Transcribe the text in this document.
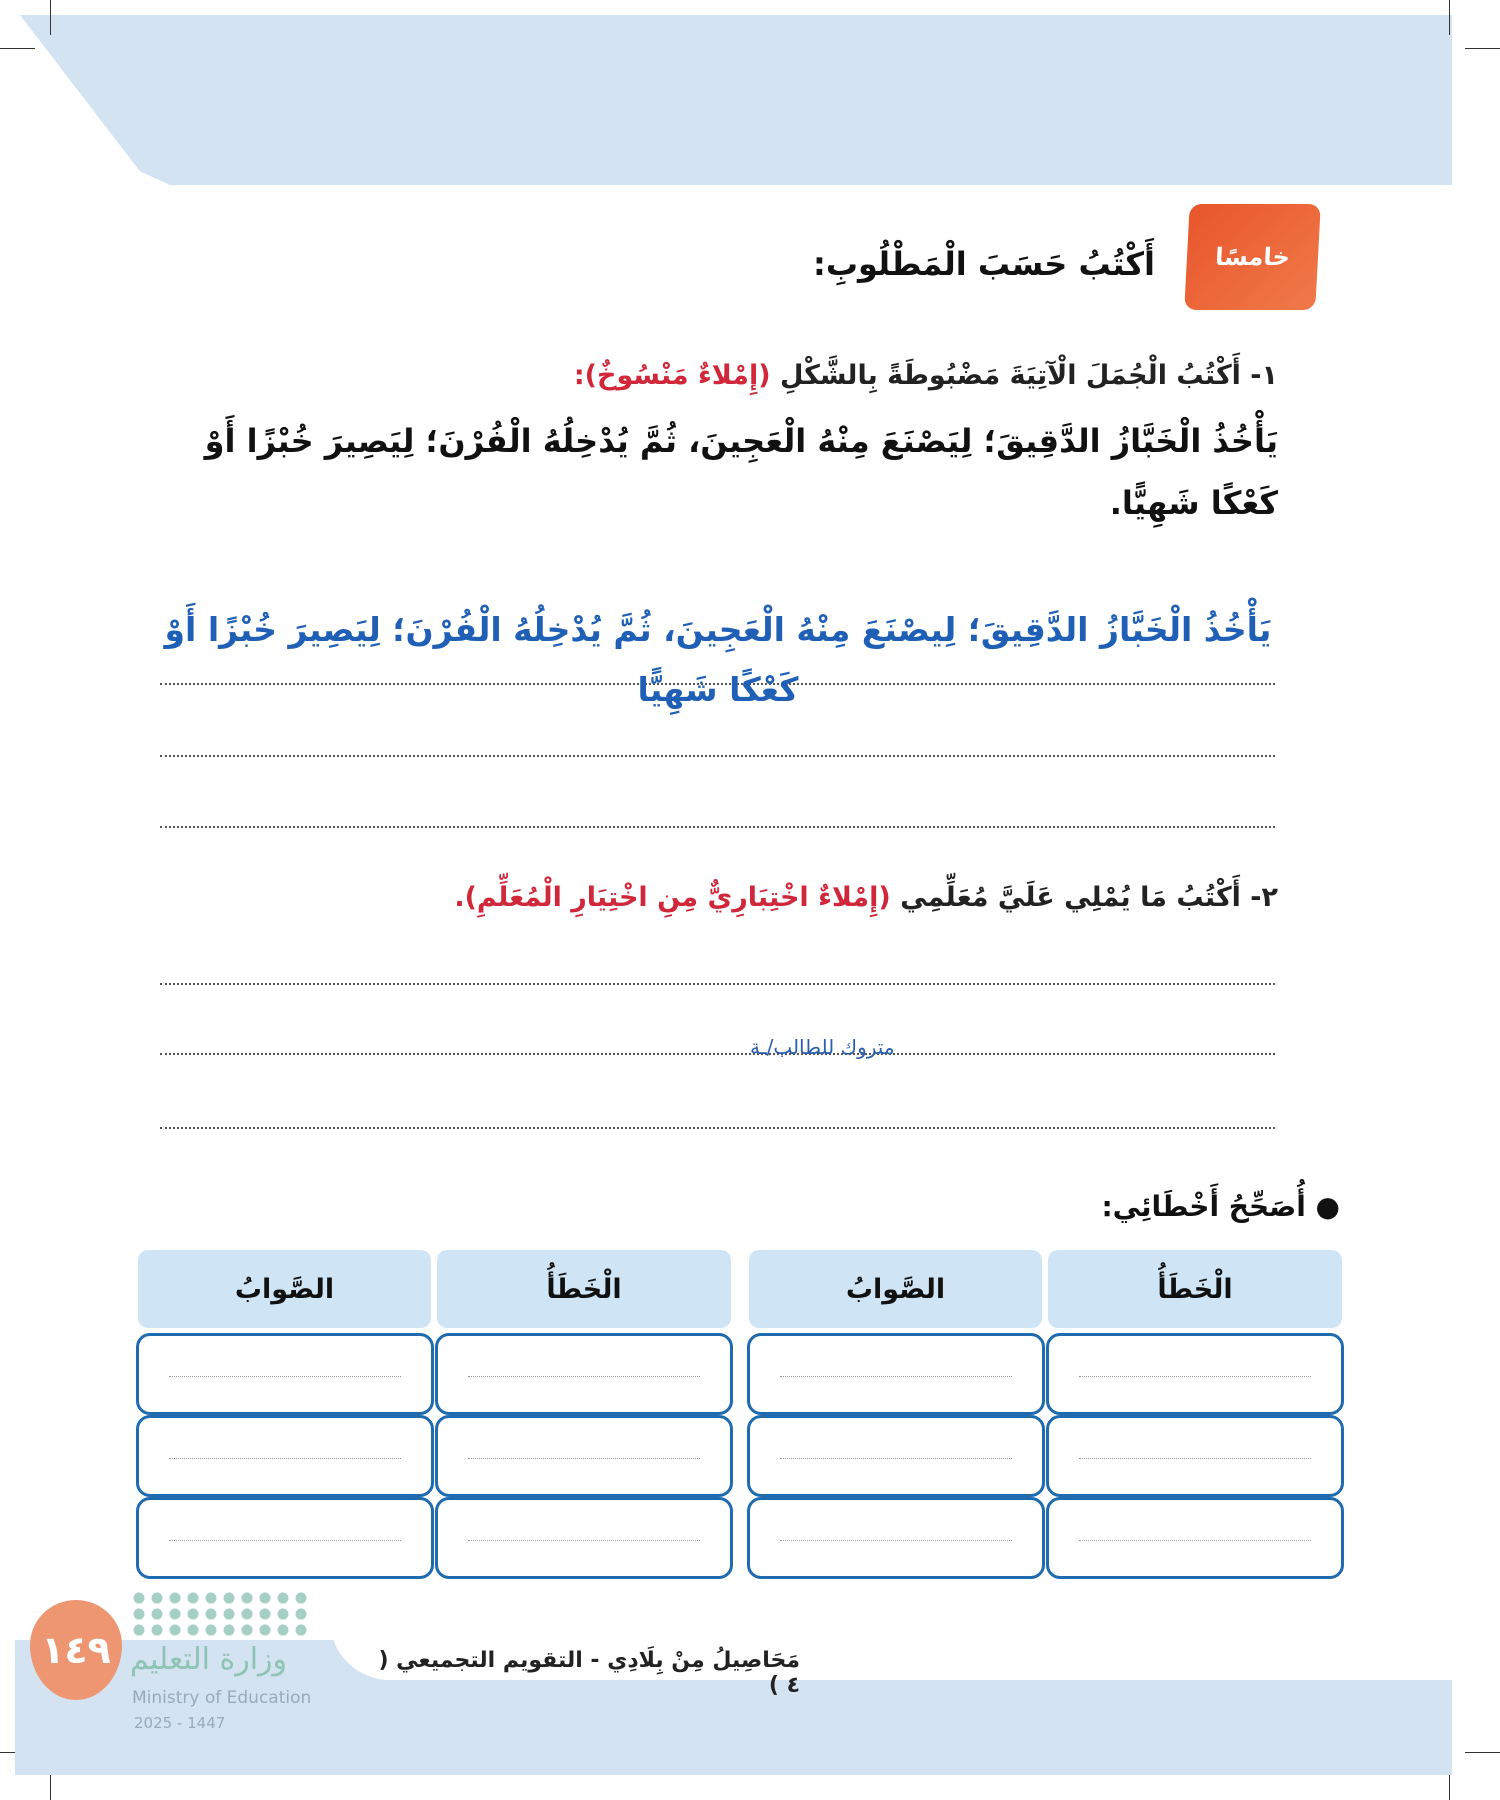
خامسًا
أَكْتُبُ حَسَبَ الْمَطْلُوبِ:
١- أَكْتُبُ الْجُمَلَ الْآتِيَةَ مَضْبُوطَةً بِالشَّكْلِ (إِمْلاءٌ مَنْسُوخٌ):
يَأْخُذُ الْخَبَّازُ الدَّقِيقَ؛ لِيَصْنَعَ مِنْهُ الْعَجِينَ، ثُمَّ يُدْخِلُهُ الْفُرْنَ؛ لِيَصِيرَ خُبْزًا أَوْ كَعْكًا شَهِيًّا.
يَأْخُذُ الْخَبَّازُ الدَّقِيقَ؛ لِيصْنَعَ مِنْهُ الْعَجِينَ، ثُمَّ يُدْخِلُهُ الْفُرْنَ؛ لِيَصِيرَ خُبْزًا أَوْ كَعْكًا شَهِيًّا
٢- أَكْتُبُ مَا يُمْلِي عَلَيَّ مُعَلِّمِي (إِمْلاءٌ اخْتِبَارِيٌّ مِنِ اخْتِيَارِ الْمُعَلِّمِ).
متروك للطالب/ـة
● أُصَحِّحُ أَخْطَائِي:
الْخَطَأُ
الصَّوابُ
الْخَطَأُ
الصَّوابُ
مَحَاصِيلُ مِنْ بِلَادِي - التقويم التجميعي ( ٤ )
١٤٩ وزارة التعليم
Ministry of Education
2025 - 1447
